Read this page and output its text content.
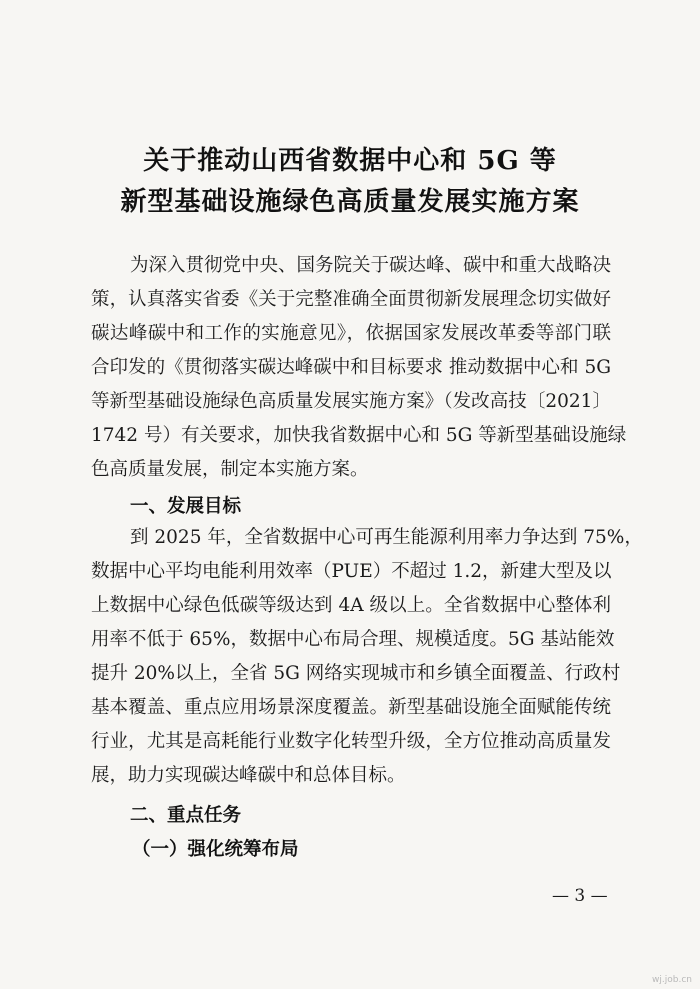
关于推动山西省数据中心和 5G 等
新型基础设施绿色高质量发展实施方案
为深入贯彻党中央、国务院关于碳达峰、碳中和重大战略决
策，认真落实省委《关于完整准确全面贯彻新发展理念切实做好
碳达峰碳中和工作的实施意见》，依据国家发展改革委等部门联
合印发的《贯彻落实碳达峰碳中和目标要求 推动数据中心和 5G
等新型基础设施绿色高质量发展实施方案》（发改高技〔2021〕
1742 号）有关要求，加快我省数据中心和 5G 等新型基础设施绿
色高质量发展，制定本实施方案。
一、发展目标
到 2025 年，全省数据中心可再生能源利用率力争达到 75%，
数据中心平均电能利用效率（PUE）不超过 1.2，新建大型及以
上数据中心绿色低碳等级达到 4A 级以上。全省数据中心整体利
用率不低于 65%，数据中心布局合理、规模适度。5G 基站能效
提升 20%以上，全省 5G 网络实现城市和乡镇全面覆盖、行政村
基本覆盖、重点应用场景深度覆盖。新型基础设施全面赋能传统
行业，尤其是高耗能行业数字化转型升级，全方位推动高质量发
展，助力实现碳达峰碳中和总体目标。
二、重点任务
（一）强化统筹布局
— 3 —
wj.job.cn
